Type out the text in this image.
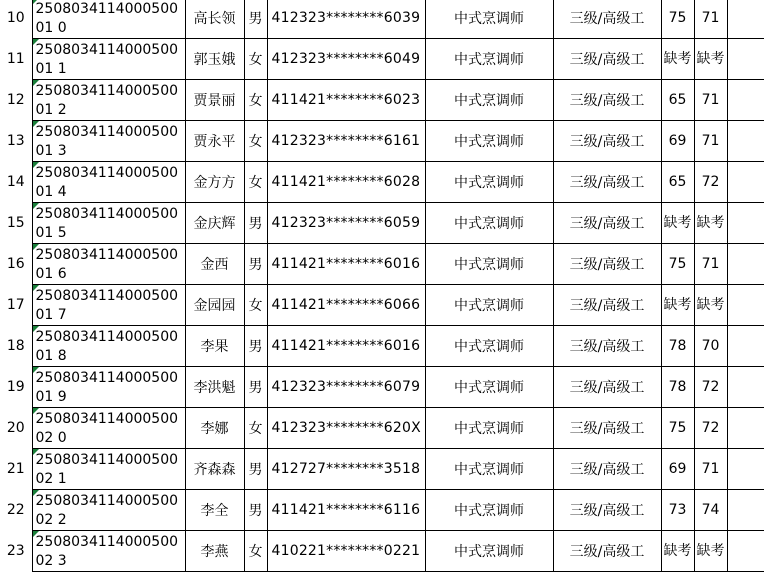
10	250803411400050001 0	高长领	男	412323********6039	中式烹调师	三级/高级工	75	71	
11	250803411400050001 1	郭玉娥	女	412323********6049	中式烹调师	三级/高级工	缺考	缺考	
12	250803411400050001 2	贾景丽	女	411421********6023	中式烹调师	三级/高级工	65	71	
13	250803411400050001 3	贾永平	女	412323********6161	中式烹调师	三级/高级工	69	71	
14	250803411400050001 4	金方方	女	411421********6028	中式烹调师	三级/高级工	65	72	
15	250803411400050001 5	金庆辉	男	412323********6059	中式烹调师	三级/高级工	缺考	缺考	
16	250803411400050001 6	金西	男	411421********6016	中式烹调师	三级/高级工	75	71	
17	250803411400050001 7	金园园	女	411421********6066	中式烹调师	三级/高级工	缺考	缺考	
18	250803411400050001 8	李果	男	411421********6016	中式烹调师	三级/高级工	78	70	
19	250803411400050001 9	李洪魁	男	412323********6079	中式烹调师	三级/高级工	78	72	
20	250803411400050002 0	李娜	女	412323********620X	中式烹调师	三级/高级工	75	72	
21	250803411400050002 1	齐森森	男	412727********3518	中式烹调师	三级/高级工	69	71	
22	250803411400050002 2	李全	男	411421********6116	中式烹调师	三级/高级工	73	74	
23	250803411400050002 3	李燕	女	410221********0221	中式烹调师	三级/高级工	缺考	缺考	
